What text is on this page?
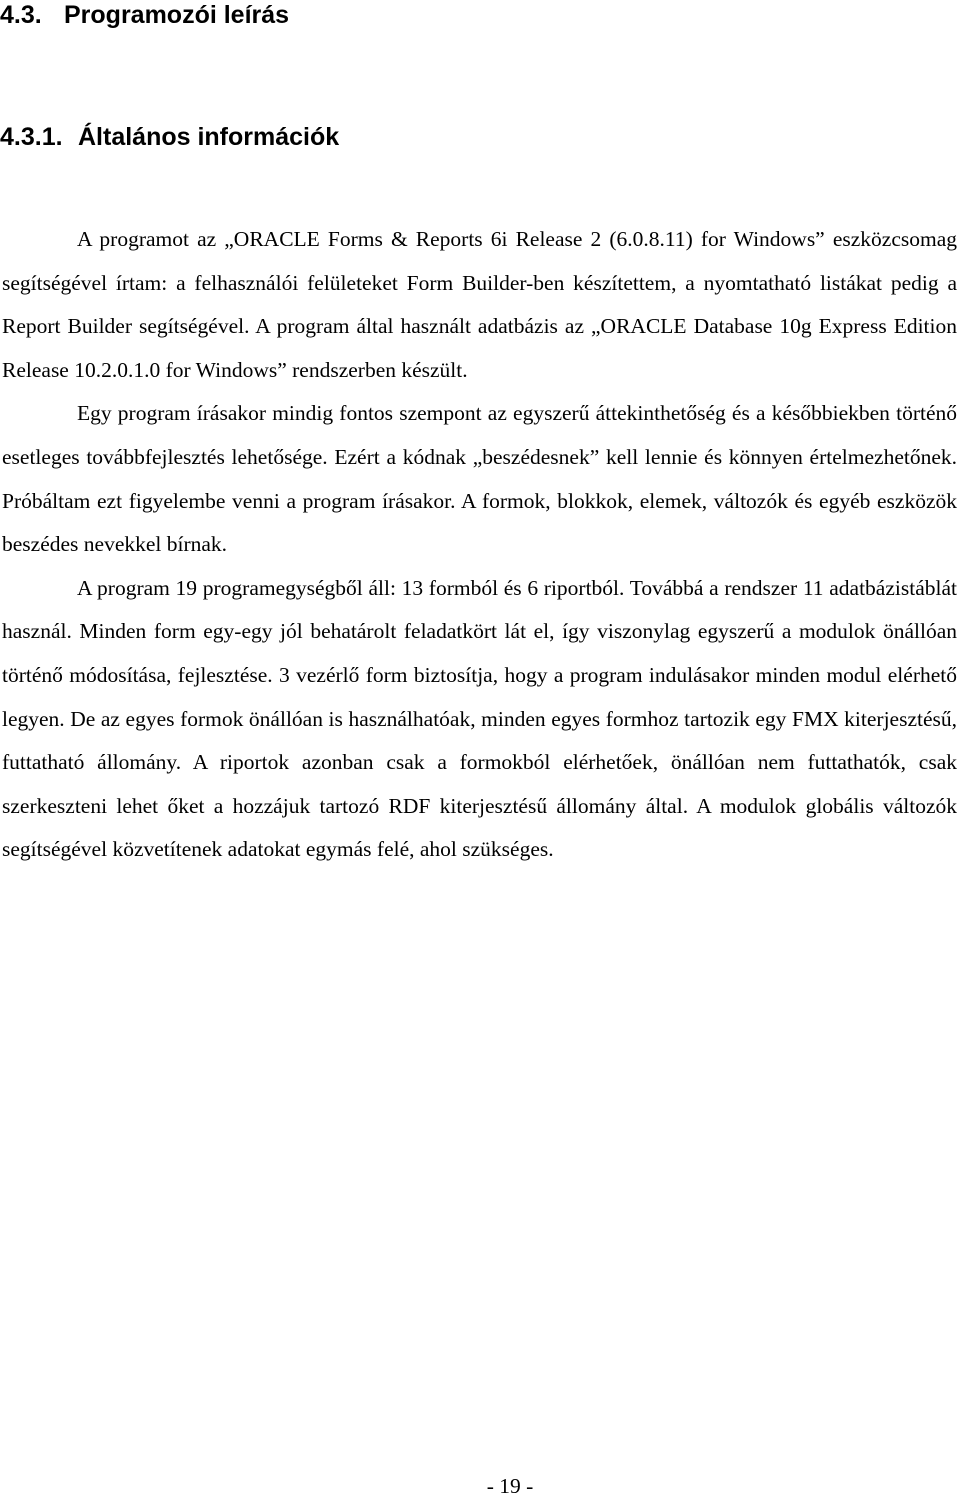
4.3. Programozói leírás
4.3.1. Általános információk

A programot az „ORACLE Forms & Reports 6i Release 2 (6.0.8.11) for Windows” eszközcsomag segítségével írtam: a felhasználói felületeket Form Builder-ben készítettem, a nyomtatható listákat pedig a Report Builder segítségével. A program által használt adatbázis az „ORACLE Database 10g Express Edition Release 10.2.0.1.0 for Windows” rendszerben készült.

Egy program írásakor mindig fontos szempont az egyszerű áttekinthetőség és a későbbiekben történő esetleges továbbfejlesztés lehetősége. Ezért a kódnak „beszédesnek” kell lennie és könnyen értelmezhetőnek. Próbáltam ezt figyelembe venni a program írásakor. A formok, blokkok, elemek, változók és egyéb eszközök beszédes nevekkel bírnak.

A program 19 programegységből áll: 13 formból és 6 riportból. Továbbá a rendszer 11 adatbázistáblát használ. Minden form egy-egy jól behatárolt feladatkört lát el, így viszonylag egyszerű a modulok önállóan történő módosítása, fejlesztése. 3 vezérlő form biztosítja, hogy a program indulásakor minden modul elérhető legyen. De az egyes formok önállóan is használhatóak, minden egyes formhoz tartozik egy FMX kiterjesztésű, futtatható állomány. A riportok azonban csak a formokból elérhetőek, önállóan nem futtathatók, csak szerkeszteni lehet őket a hozzájuk tartozó RDF kiterjesztésű állomány által. A modulok globális változók segítségével közvetítenek adatokat egymás felé, ahol szükséges.

- 19 -
